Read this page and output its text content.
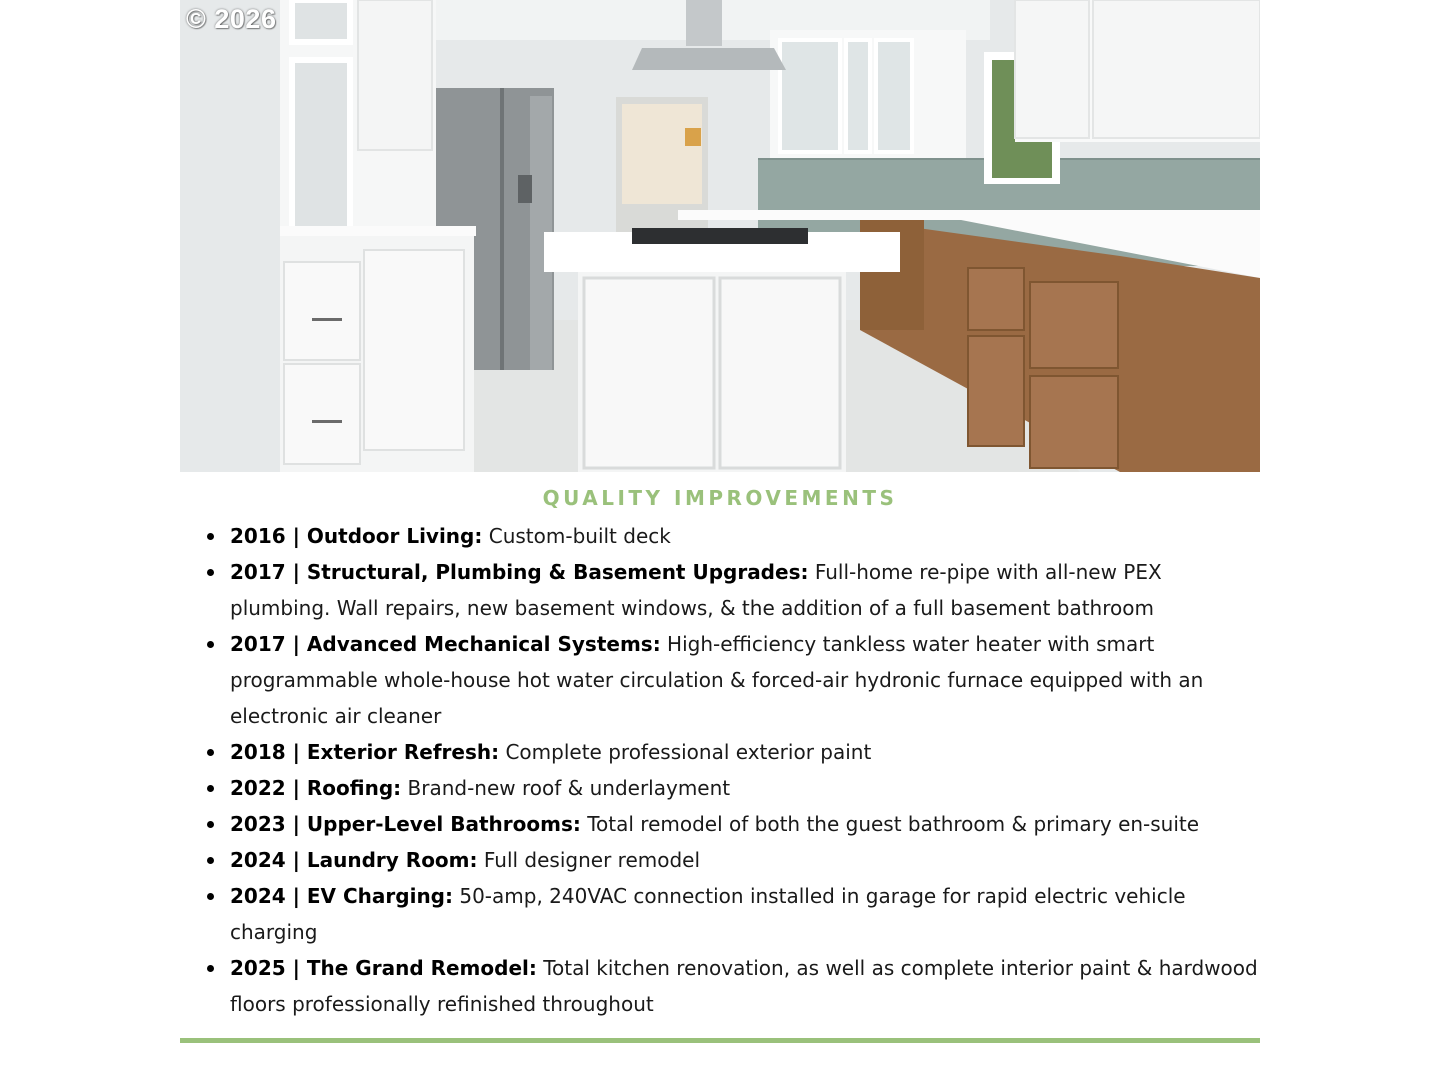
© 2026
QUALITY IMPROVEMENTS
2016 | Outdoor Living: Custom-built deck
2017 | Structural, Plumbing & Basement Upgrades: Full-home re-pipe with all-new PEX plumbing. Wall repairs, new basement windows, & the addition of a full basement bathroom
2017 | Advanced Mechanical Systems: High-efficiency tankless water heater with smart programmable whole-house hot water circulation & forced-air hydronic furnace equipped with an electronic air cleaner
2018 | Exterior Refresh: Complete professional exterior paint
2022 | Roofing: Brand-new roof & underlayment
2023 | Upper-Level Bathrooms: Total remodel of both the guest bathroom & primary en-suite
2024 | Laundry Room: Full designer remodel
2024 | EV Charging: 50-amp, 240VAC connection installed in garage for rapid electric vehicle charging
2025 | The Grand Remodel: Total kitchen renovation, as well as complete interior paint & hardwood floors professionally refinished throughout
